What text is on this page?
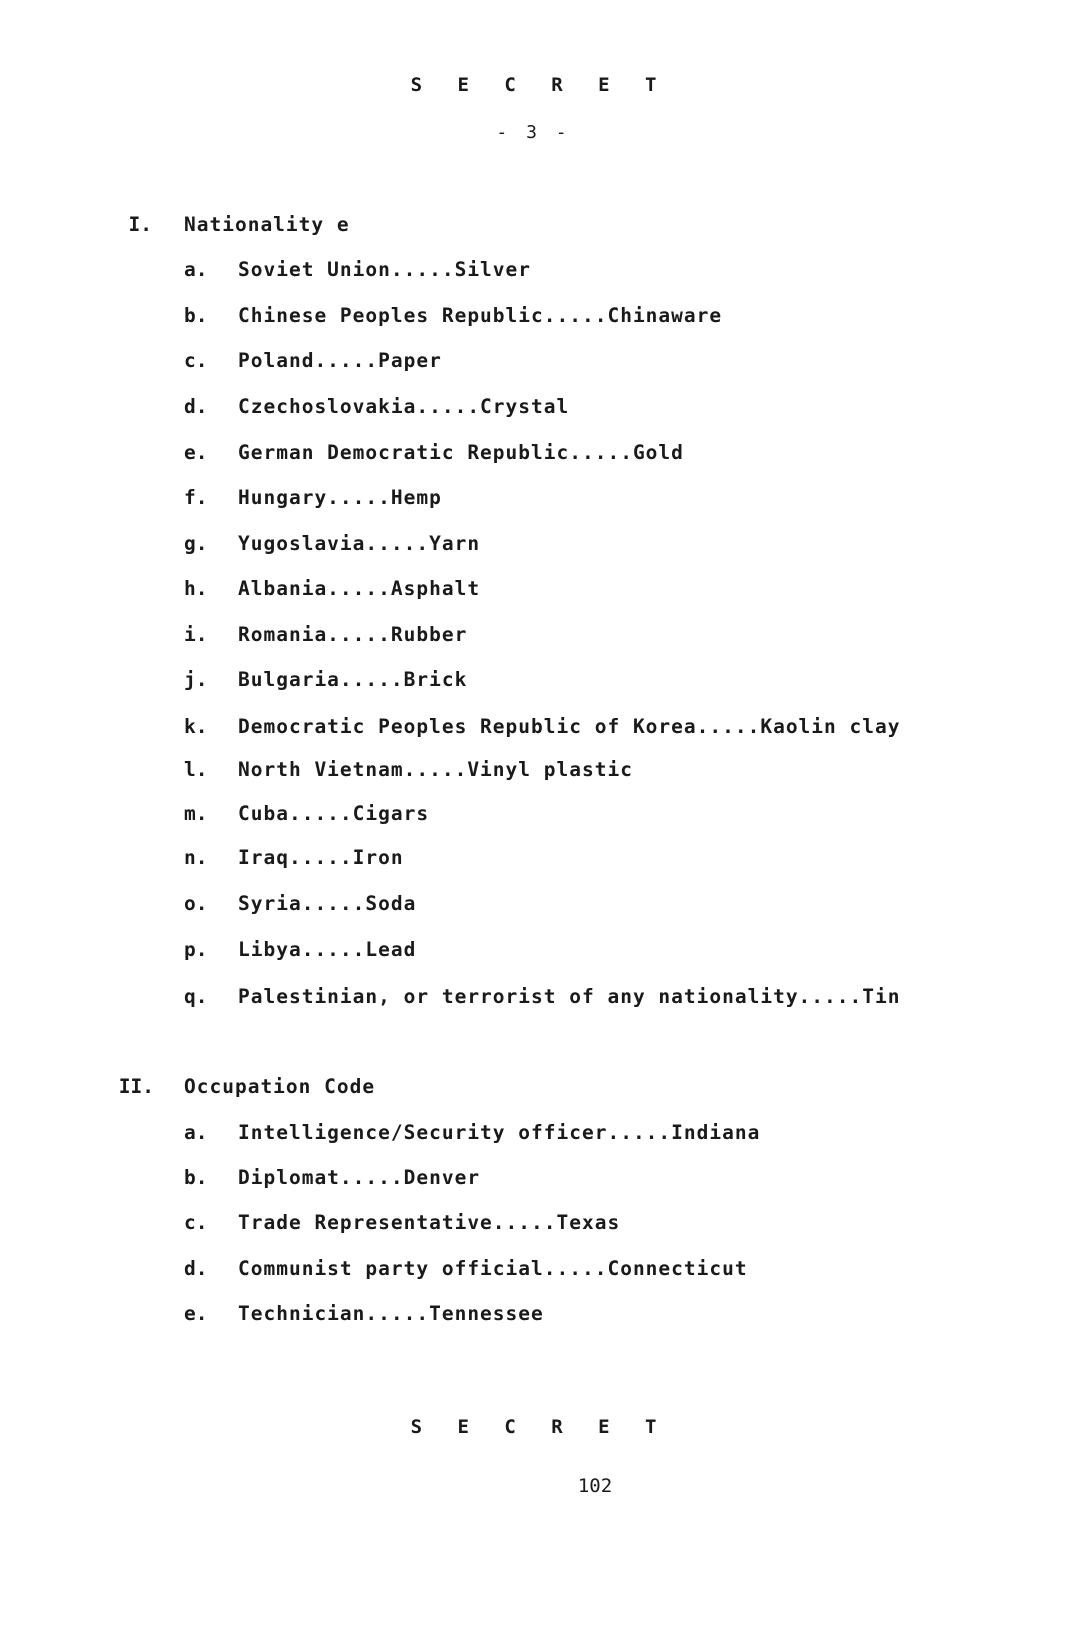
S E C R E T
- 3 -
I. Nationality e
a. Soviet Union.....Silver
b. Chinese Peoples Republic.....Chinaware
c. Poland.....Paper
d. Czechoslovakia.....Crystal
e. German Democratic Republic.....Gold
f. Hungary.....Hemp
g. Yugoslavia.....Yarn
h. Albania.....Asphalt
i. Romania.....Rubber
j. Bulgaria.....Brick
k. Democratic Peoples Republic of Korea.....Kaolin clay
l. North Vietnam.....Vinyl plastic
m. Cuba.....Cigars
n. Iraq.....Iron
o. Syria.....Soda
p. Libya.....Lead
q. Palestinian, or terrorist of any nationality.....Tin
II. Occupation Code
a. Intelligence/Security officer.....Indiana
b. Diplomat.....Denver
c. Trade Representative.....Texas
d. Communist party official.....Connecticut
e. Technician.....Tennessee
S E C R E T
102
